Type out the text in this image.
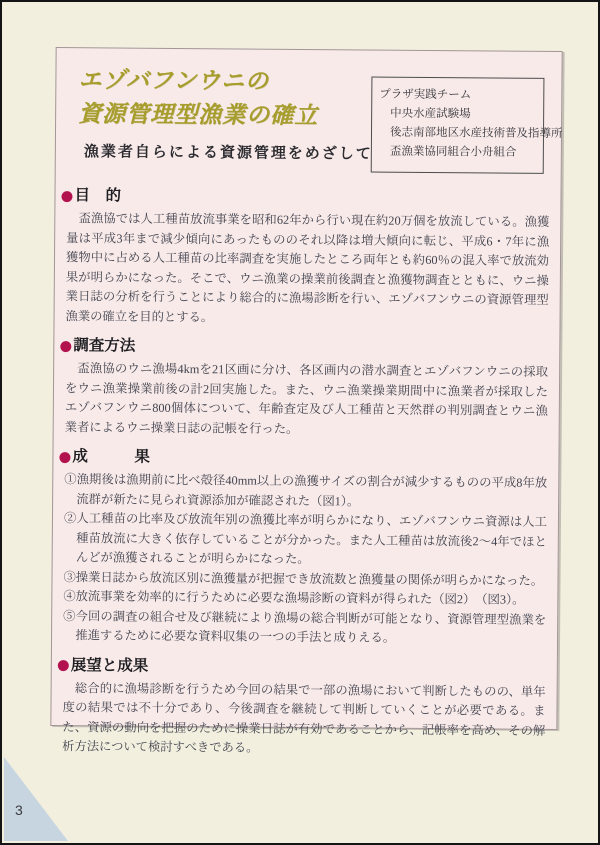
エゾバフンウニの
資源管理型漁業の確立
漁業者自らによる資源管理をめざして
プラザ実践チーム
中央水産試験場
後志南部地区水産技術普及指導所
盃漁業協同組合小舟組合
目　的

盃漁協では人工種苗放流事業を昭和62年から行い現在約20万個を放流している。漁獲量は平成3年まで減少傾向にあったもののそれ以降は増大傾向に転じ、平成6・7年に漁獲物中に占める人工種苗の比率調査を実施したところ両年とも約60％の混入率で放流効果が明らかになった。そこで、ウニ漁業の操業前後調査と漁獲物調査とともに、ウニ操業日誌の分析を行うことにより総合的に漁場診断を行い、エゾバフンウニの資源管理型漁業の確立を目的とする。

調査方法

盃漁協のウニ漁場4kmを21区画に分け、各区画内の潜水調査とエゾバフンウニの採取をウニ漁業操業前後の計2回実施した。また、ウニ漁業操業期間中に漁業者が採取したエゾバフンウニ800個体について、年齢査定及び人工種苗と天然群の判別調査とウニ漁業者によるウニ操業日誌の記帳を行った。

成　　　果
①漁期後は漁期前に比べ殻径40mm以上の漁獲サイズの割合が減少するものの平成8年放流群が新たに見られ資源添加が確認された（図1）。
②人工種苗の比率及び放流年別の漁獲比率が明らかになり、エゾバフンウニ資源は人工種苗放流に大きく依存していることが分かった。また人工種苗は放流後2～4年でほとんどが漁獲されることが明らかになった。
③操業日誌から放流区別に漁獲量が把握でき放流数と漁獲量の関係が明らかになった。
④放流事業を効率的に行うために必要な漁場診断の資料が得られた（図2）　（図3）。
⑤今回の調査の組合せ及び継続により漁場の総合判断が可能となり、資源管理型漁業を推進するために必要な資料収集の一つの手法と成りえる。
展望と成果

総合的に漁場診断を行うため今回の結果で一部の漁場において判断したものの、単年度の結果では不十分であり、今後調査を継続して判断していくことが必要である。また、資源の動向を把握のために操業日誌が有効であることから、記帳率を高め、その解析方法について検討すべきである。

3
